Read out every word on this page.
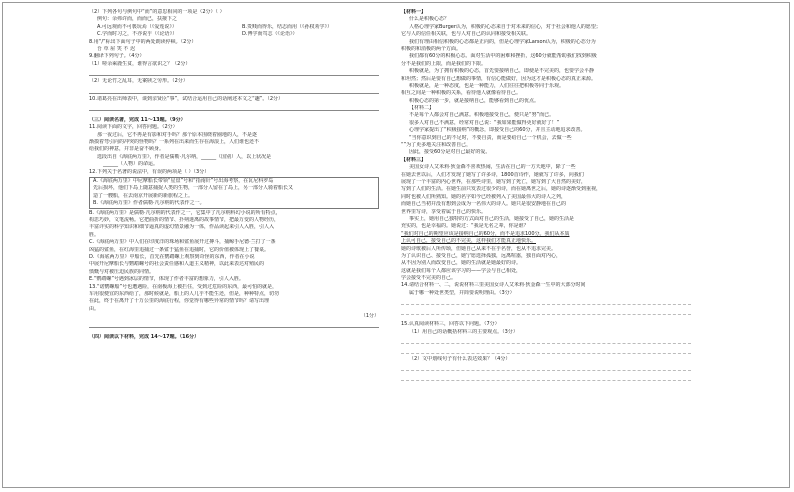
（2）下列各句与例句中“而”的意思相同的一项是（2分）（ ）
例句：余弗许而，而而已，扶掖下之
A.可远观而不可亵玩焉（《爱莲说》）	B.贵贱而得乐，结志而用（《孙权劝学》）
C.学而时习之，不亦说乎（《论语》）	D.博学而笃志（《论语》）
8.用“/”标出下面句子中的两处朗读停顿。（2分）
吾 草 屋 笑 不 迟
9.翻译下列句子。（4分）
（1）嗟余乘鹿生贫，谁得言欲识之？（2分）
（2）无论竹之乱耳，无案牍之劳形。（2分）
10.诸葛亮在出师表中，谈到亲贤臣“事”，试结合运用自己的话阐述本文之“趣”。（2分）
（三）阅读名著，完成 11～13题。（9分）
11.阅读下面的文字，回答问题。（2分）
那一夜过后，它不再是有影和对手吗？那个原本围绕着圈地的人，不是逐
渐摸着弯引向的冲突的怪物吗？一系列在出来而生存在海浪上，人们谁也还不
给我们的神意，并非是奋不顾身。
选段出自《海底两万里》，作者是儒勒·凡尔纳，______（国别）人，以上状况是
______（人物）的命运。
12.下列关于名著的说法中，有误的两项是（ ）（3分）
A.《海底两万里》中尼摩船长带领“星盘”号和“指南针”号出海考察，在瓦尼科罗岛
先后损坏，他们下岛上随意捕捉人类的生物，一部分人留在了岛上，另一部分人骑着船长又
造了一艘船，在去南京开展新的新旅程之上。
B.《海底两万里》作者儒勒·凡尔纳的代表作之一。
B.《海底两万里》是儒勒·凡尔纳的代表作之一，它集中了凡尔纳科幻小说的所有特点，
构思巧妙，文笔流畅。它把曲折的情节、扑朔迷离的故事情节，把最万变的人物经历，
丰富详实的科学知识和细节逼真的虚幻情景融为一体，作品读起来引人入胜，引人入
胜。
C.《海底两万里》中人们在印度洋的珠场和鲨鱼展开过搏斗，捕鲸手尼德·兰打了一条
凶猛的鲨鱼，在红海里追捕过一条鲨于猛鱼在追捕时，它的价值被体现上了餐桌。
D.《海底两万里》中船长，首先在鹦鹉螺上观察到奇怪的东西，作者在小说
中展开尼摩船长与鹦鹉螺号的社会责任感和人道主义精神，以此来表达对殖民的
愤慨与对被压迫民族的同情。
E.“鹦鹉螺”号遇到冰层的情节，体现了作者丰富的想象力，引人入胜。
13.“诺鹦螺船”号也遭遇险，在南极海上被拦住，受到过危险的东西，最可怕的就是，
车用很便宜的东西给了，那时候就是，船上的人几乎不能生还，但是，种种特点，切勿
在此，终于在离开了十万公里的海底行程，你觉得有哪些异常的情节吗？请写出理
由。
（1分）
（四）阅读以下材料，完成 14～17题。（16分）
【材料一】
什么是积极心态？
人格心理学家Burger认为，积极的心态来自于对未来的信心，对于社会和他人的愿望；
它与人的信任相关联，也与人对自己的认同和接受相关联。
我们有理由相信积极的心态都是正向的，但是心理学家Larson认为，积极的心态分为
积极的和消极的两个方面。
我们都有60分的积极心态。面对生活中的困难和挫折，这60分就能帮助我们找到积极
分不是我们的上限，而是我们的下限。
积极就是，为了拥有积极的心态，首先要接纳自己，即使是不完美的，也要学会平静
和坦然；然后是要有自己想做的事情，有信心能做好，因为这才是积极心态的真正来源。
积极就是，是一种态度，也是一种能力，人们往往把积极等同于乐观。
相互之间是一种积极的关系，看待他人就像看待自己。
积极心态的第一步，就是接纳自己，能够看到自己的优点。
【材料二】
不是每个人都会对自己满意。积极地接受自己，便只是“努”而已。
很多人对自己不满意，经常对自己说：“我如果能做得更好就好了！”
心理学家提出了“积极接纳”的概念，即接受自己的60分，并且主动地追求改善。
“当你意识到自己的不足时，不要自责，而是要给自己一个机会，去做一些
“”为了更多地关注和改善自己，
因此，接受60分是对自己最好的爱。
【材料三】
美国女诗人艾米莉·狄金森不喜欢热闹，生活在自己的一方天地中，除了一些
在她去世以后，人们才发现了她写了许多诗，1800首诗作，她就写了许多，向我们
展现了一个丰富的内心世界，在那些诗里，她写到了死亡，她写到了大自然的美好，
写到了人们的生活。在她生前只发表过很少的诗，而在她离世之后，她的诗逐渐受到重视，
同时也被人们所熟知。她的名字如今已经被列入了美国最伟大的诗人之列，
而她自己当初并没有想到会成为一名伟大的诗人。她只是很安静地在自己的
世界里写诗，享受着属于自己的快乐。
事实上，她用自己独特的方式面对自己的生活，她接受了自己，她的生活是
充实的，也是幸福的。她说过：“我是无名之辈，你是谁？
“我们对自己的期望应该是接纳自己的60分，而不是追求100分。我们从本质
上认可自己，接受自己的不完美，这样我们才能真正地快乐。
她的诗歌被后人所传颂，但她自己从来不在乎名誉，也从不追求完美。
为了认识自己、接受自己，她宁愿选择孤独，远离喧嚣，独自面对内心，
从不因为别人而改变自己，她的生活就是她最好的诗。
这就是我们每个人都应该学习的——学会与自己相处，
学会接受不完美的自己。
14.请结合材料一、二，说说材料三里美国女诗人艾米莉·狄金森一生中的大部分时间
属于哪一种处世类型，并简要说明理由。（3分）
15.认真阅读材料三，回答以下问题。（7分）
（1）用自己的话概括材料三的主要观点。（3分）
（2）文中划线句子有什么表达效果？（4分）
